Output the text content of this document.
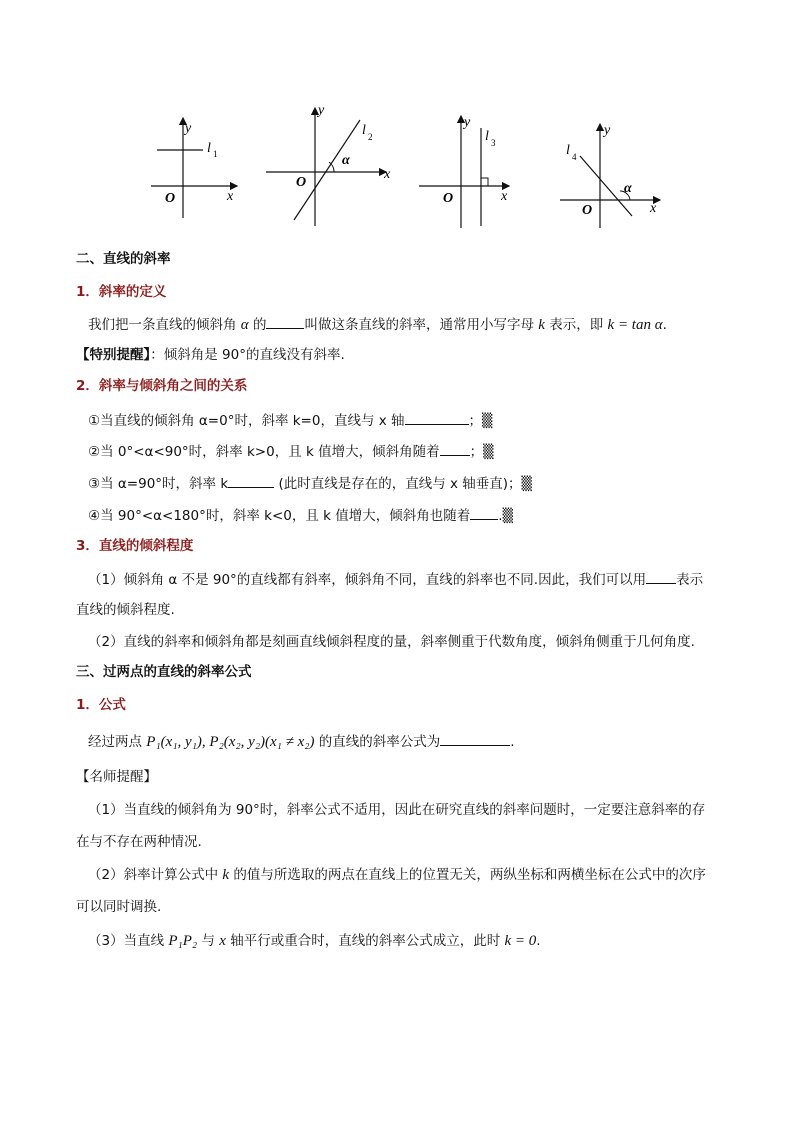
y
x
O
l 1
y
x
O
l 2
α
y
x
O
l 3
y
x
O
l 4
α
二、直线的斜率
1．斜率的定义
我们把一条直线的倾斜角 α 的	叫做这条直线的斜率，通常用小写字母 k 表示，即 k = tan α.
【特别提醒】：倾斜角是 90°的直线没有斜率.
2．斜率与倾斜角之间的关系
①当直线的倾斜角 α=0°时，斜率 k=0，直线与 x 轴	；▒
②当 0°<α<90°时，斜率 k>0，且 k 值增大，倾斜角随着 ；▒
③当 α=90°时，斜率 k	(此时直线是存在的，直线与 x 轴垂直)；▒
④当 90°<α<180°时，斜率 k<0，且 k 值增大，倾斜角也随着 .▒
3．直线的倾斜程度
（1）倾斜角 α 不是 90°的直线都有斜率，倾斜角不同，直线的斜率也不同.因此，我们可以用 表示
直线的倾斜程度.
（2）直线的斜率和倾斜角都是刻画直线倾斜程度的量，斜率侧重于代数角度，倾斜角侧重于几何角度.
三、过两点的直线的斜率公式
1．公式
经过两点 P₁(x₁, y₁), P₂(x₂, y₂)(x₁ ≠ x₂) 的直线的斜率公式为	.
【名师提醒】
（1）当直线的倾斜角为 90°时，斜率公式不适用，因此在研究直线的斜率问题时，一定要注意斜率的存
在与不存在两种情况.
（2）斜率计算公式中 k 的值与所选取的两点在直线上的位置无关，两纵坐标和两横坐标在公式中的次序
可以同时调换.
（3）当直线 P₁P₂ 与 x 轴平行或重合时，直线的斜率公式成立，此时 k = 0.
